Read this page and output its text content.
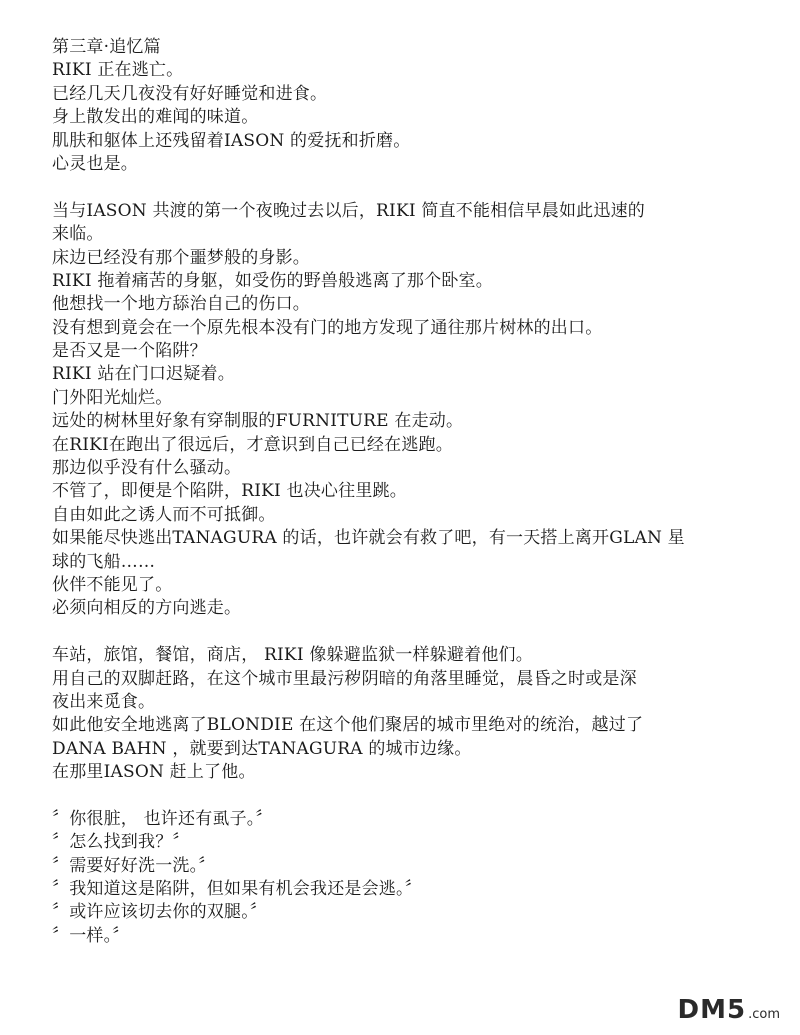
第三章·追忆篇
RIKI 正在逃亡。
已经几天几夜没有好好睡觉和进食。
身上散发出的难闻的味道。
肌肤和躯体上还残留着IASON 的爱抚和折磨。
心灵也是。
当与IASON 共渡的第一个夜晚过去以后，RIKI 简直不能相信早晨如此迅速的
来临。
床边已经没有那个噩梦般的身影。
RIKI 拖着痛苦的身躯，如受伤的野兽般逃离了那个卧室。
他想找一个地方舔治自己的伤口。
没有想到竟会在一个原先根本没有门的地方发现了通往那片树林的出口。
是否又是一个陷阱？
RIKI 站在门口迟疑着。
门外阳光灿烂。
远处的树林里好象有穿制服的FURNITURE 在走动。
在RIKI在跑出了很远后，才意识到自己已经在逃跑。
那边似乎没有什么骚动。
不管了，即便是个陷阱，RIKI 也决心往里跳。
自由如此之诱人而不可抵御。
如果能尽快逃出TANAGURA 的话，也许就会有救了吧，有一天搭上离开GLAN 星
球的飞船……
伙伴不能见了。
必须向相反的方向逃走。
车站，旅馆，餐馆，商店， RIKI 像躲避监狱一样躲避着他们。
用自己的双脚赶路，在这个城市里最污秽阴暗的角落里睡觉，晨昏之时或是深
夜出来觅食。
如此他安全地逃离了BLONDIE 在这个他们聚居的城市里绝对的统治，越过了
DANA BAHN ，就要到达TANAGURA 的城市边缘。
在那里IASON 赶上了他。
〞你很脏， 也许还有虱子。〞
〞怎么找到我？〞
〞需要好好洗一洗。〞
〞我知道这是陷阱，但如果有机会我还是会逃。〞
〞或许应该切去你的双腿。〞
〞一样。〞
DM5 .com
